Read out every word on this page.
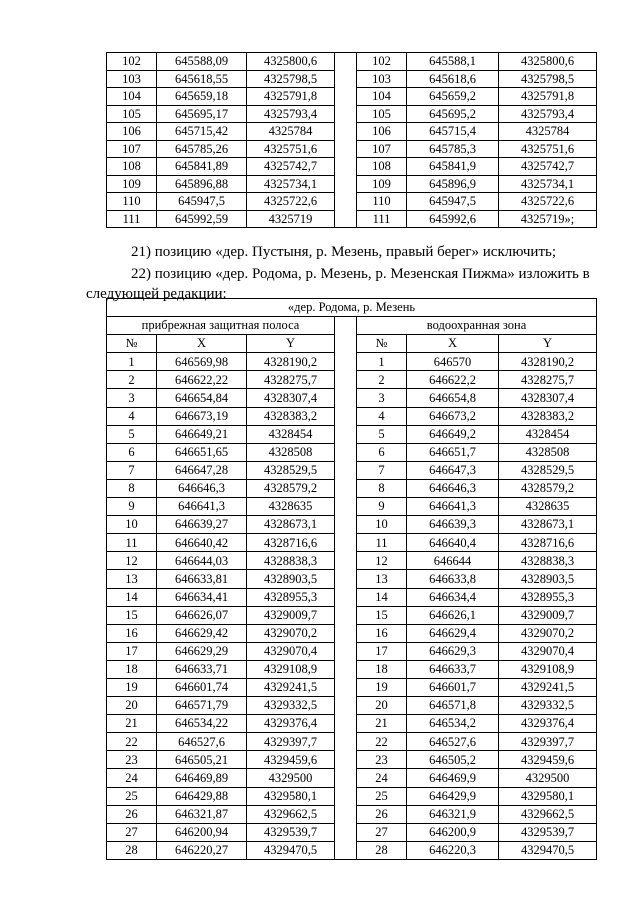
102	645588,09	4325800,6		102	645588,1	4325800,6
103	645618,55	4325798,5		103	645618,6	4325798,5
104	645659,18	4325791,8		104	645659,2	4325791,8
105	645695,17	4325793,4		105	645695,2	4325793,4
106	645715,42	4325784		106	645715,4	4325784
107	645785,26	4325751,6		107	645785,3	4325751,6
108	645841,89	4325742,7		108	645841,9	4325742,7
109	645896,88	4325734,1		109	645896,9	4325734,1
110	645947,5	4325722,6		110	645947,5	4325722,6
111	645992,59	4325719		111	645992,6	4325719»;

21) позицию «дер. Пустыня, р. Мезень, правый берег» исключить;

22) позицию «дер. Родома, р. Мезень, р. Мезенская Пижма» изложить в следующей редакции:

«дер. Родома, р. Мезень						
прибрежная защитная полоса				водоохранная зона		
№	X	Y		№	X	Y
1	646569,98	4328190,2		1	646570	4328190,2
2	646622,22	4328275,7		2	646622,2	4328275,7
3	646654,84	4328307,4		3	646654,8	4328307,4
4	646673,19	4328383,2		4	646673,2	4328383,2
5	646649,21	4328454		5	646649,2	4328454
6	646651,65	4328508		6	646651,7	4328508
7	646647,28	4328529,5		7	646647,3	4328529,5
8	646646,3	4328579,2		8	646646,3	4328579,2
9	646641,3	4328635		9	646641,3	4328635
10	646639,27	4328673,1		10	646639,3	4328673,1
11	646640,42	4328716,6		11	646640,4	4328716,6
12	646644,03	4328838,3		12	646644	4328838,3
13	646633,81	4328903,5		13	646633,8	4328903,5
14	646634,41	4328955,3		14	646634,4	4328955,3
15	646626,07	4329009,7		15	646626,1	4329009,7
16	646629,42	4329070,2		16	646629,4	4329070,2
17	646629,29	4329070,4		17	646629,3	4329070,4
18	646633,71	4329108,9		18	646633,7	4329108,9
19	646601,74	4329241,5		19	646601,7	4329241,5
20	646571,79	4329332,5		20	646571,8	4329332,5
21	646534,22	4329376,4		21	646534,2	4329376,4
22	646527,6	4329397,7		22	646527,6	4329397,7
23	646505,21	4329459,6		23	646505,2	4329459,6
24	646469,89	4329500		24	646469,9	4329500
25	646429,88	4329580,1		25	646429,9	4329580,1
26	646321,87	4329662,5		26	646321,9	4329662,5
27	646200,94	4329539,7		27	646200,9	4329539,7
28	646220,27	4329470,5		28	646220,3	4329470,5
